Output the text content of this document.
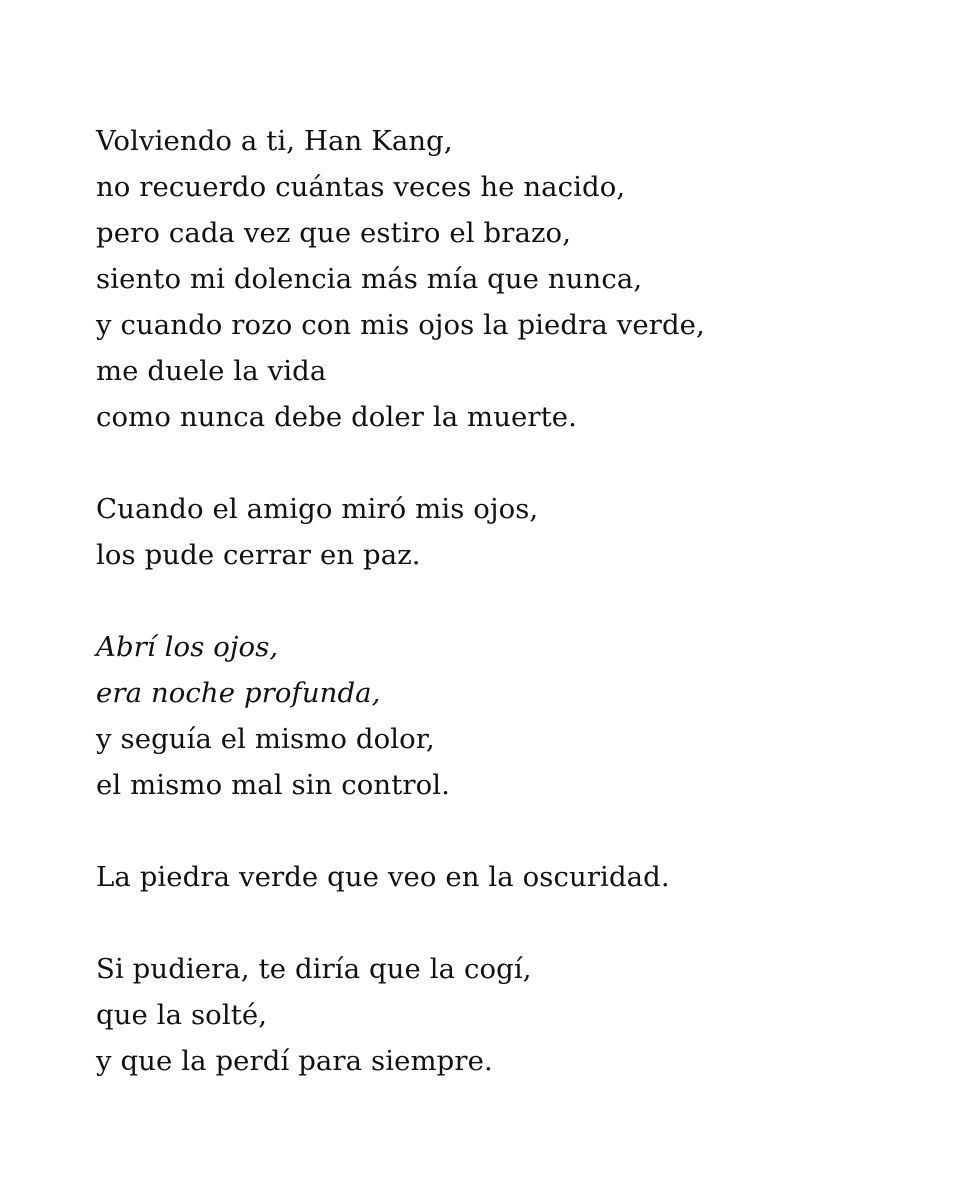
Volviendo a ti, Han Kang,
no recuerdo cuántas veces he nacido,
pero cada vez que estiro el brazo,
siento mi dolencia más mía que nunca,
y cuando rozo con mis ojos la piedra verde,
me duele la vida
como nunca debe doler la muerte.
Cuando el amigo miró mis ojos,
los pude cerrar en paz.
Abrí los ojos,
era noche profunda,
y seguía el mismo dolor,
el mismo mal sin control.
La piedra verde que veo en la oscuridad.
Si pudiera, te diría que la cogí,
que la solté,
y que la perdí para siempre.
